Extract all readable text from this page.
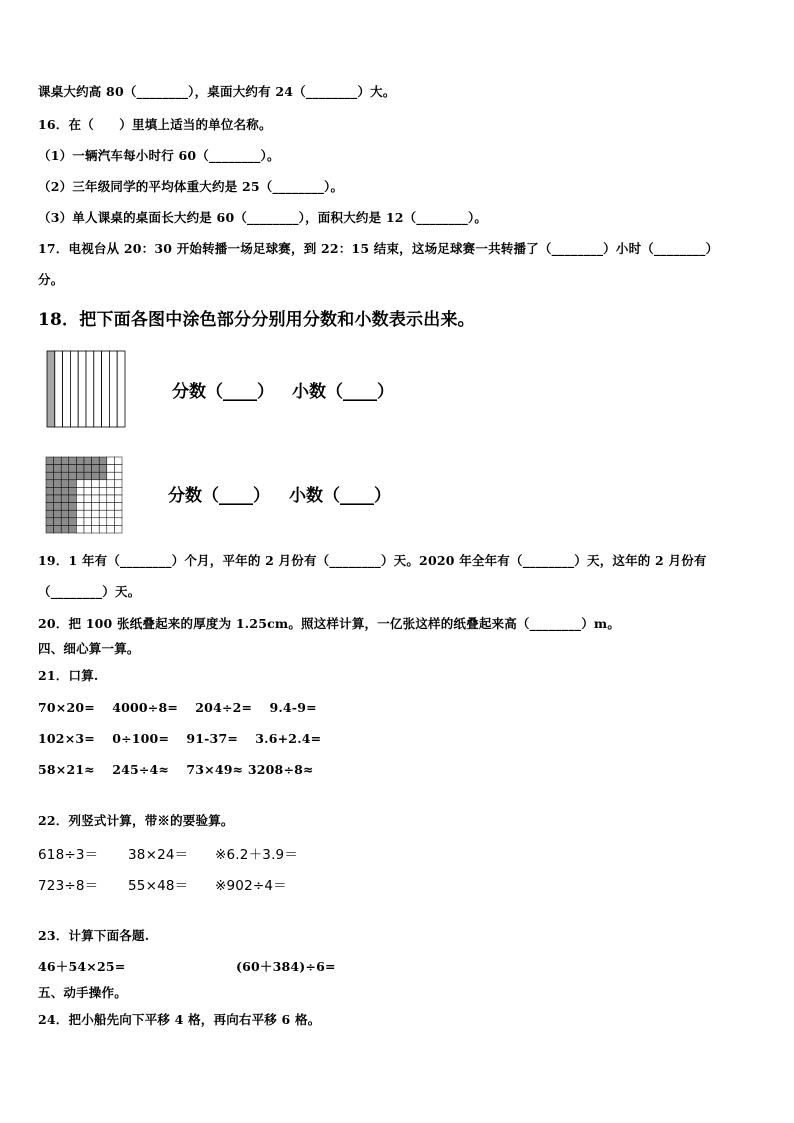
课桌大约高 80（________），桌面大约有 24（________）大。
16．在（　　）里填上适当的单位名称。
（1）一辆汽车每小时行 60（________）。
（2）三年级同学的平均体重大约是 25（________）。
（3）单人课桌的桌面长大约是 60（________），面积大约是 12（________）。
17．电视台从 20：30 开始转播一场足球赛，到 22：15 结束，这场足球赛一共转播了（________）小时（________）
分。
18．把下面各图中涂色部分分别用分数和小数表示出来。
分数（____） 小数（____）
分数（____） 小数（____）
19．1 年有（________）个月，平年的 2 月份有（________）天。2020 年全年有（________）天，这年的 2 月份有
（________）天。
20．把 100 张纸叠起来的厚度为 1.25cm。照这样计算，一亿张这样的纸叠起来高（________）m。
四、细心算一算。
21．口算.
70×20=　 4000÷8=　 204÷2=　 9.4-9=
102×3=　 0÷100=　 91-37=　 3.6+2.4=
58×21≈　 245÷4≈　 73×49≈ 3208÷8≈
22．列竖式计算，带※的要验算。
618÷3＝ 38×24＝ ※6.2＋3.9＝
723÷8＝ 55×48＝ ※902÷4＝
23．计算下面各题.
46＋54×25=	(60＋384)÷6=
五、动手操作。
24．把小船先向下平移 4 格，再向右平移 6 格。
